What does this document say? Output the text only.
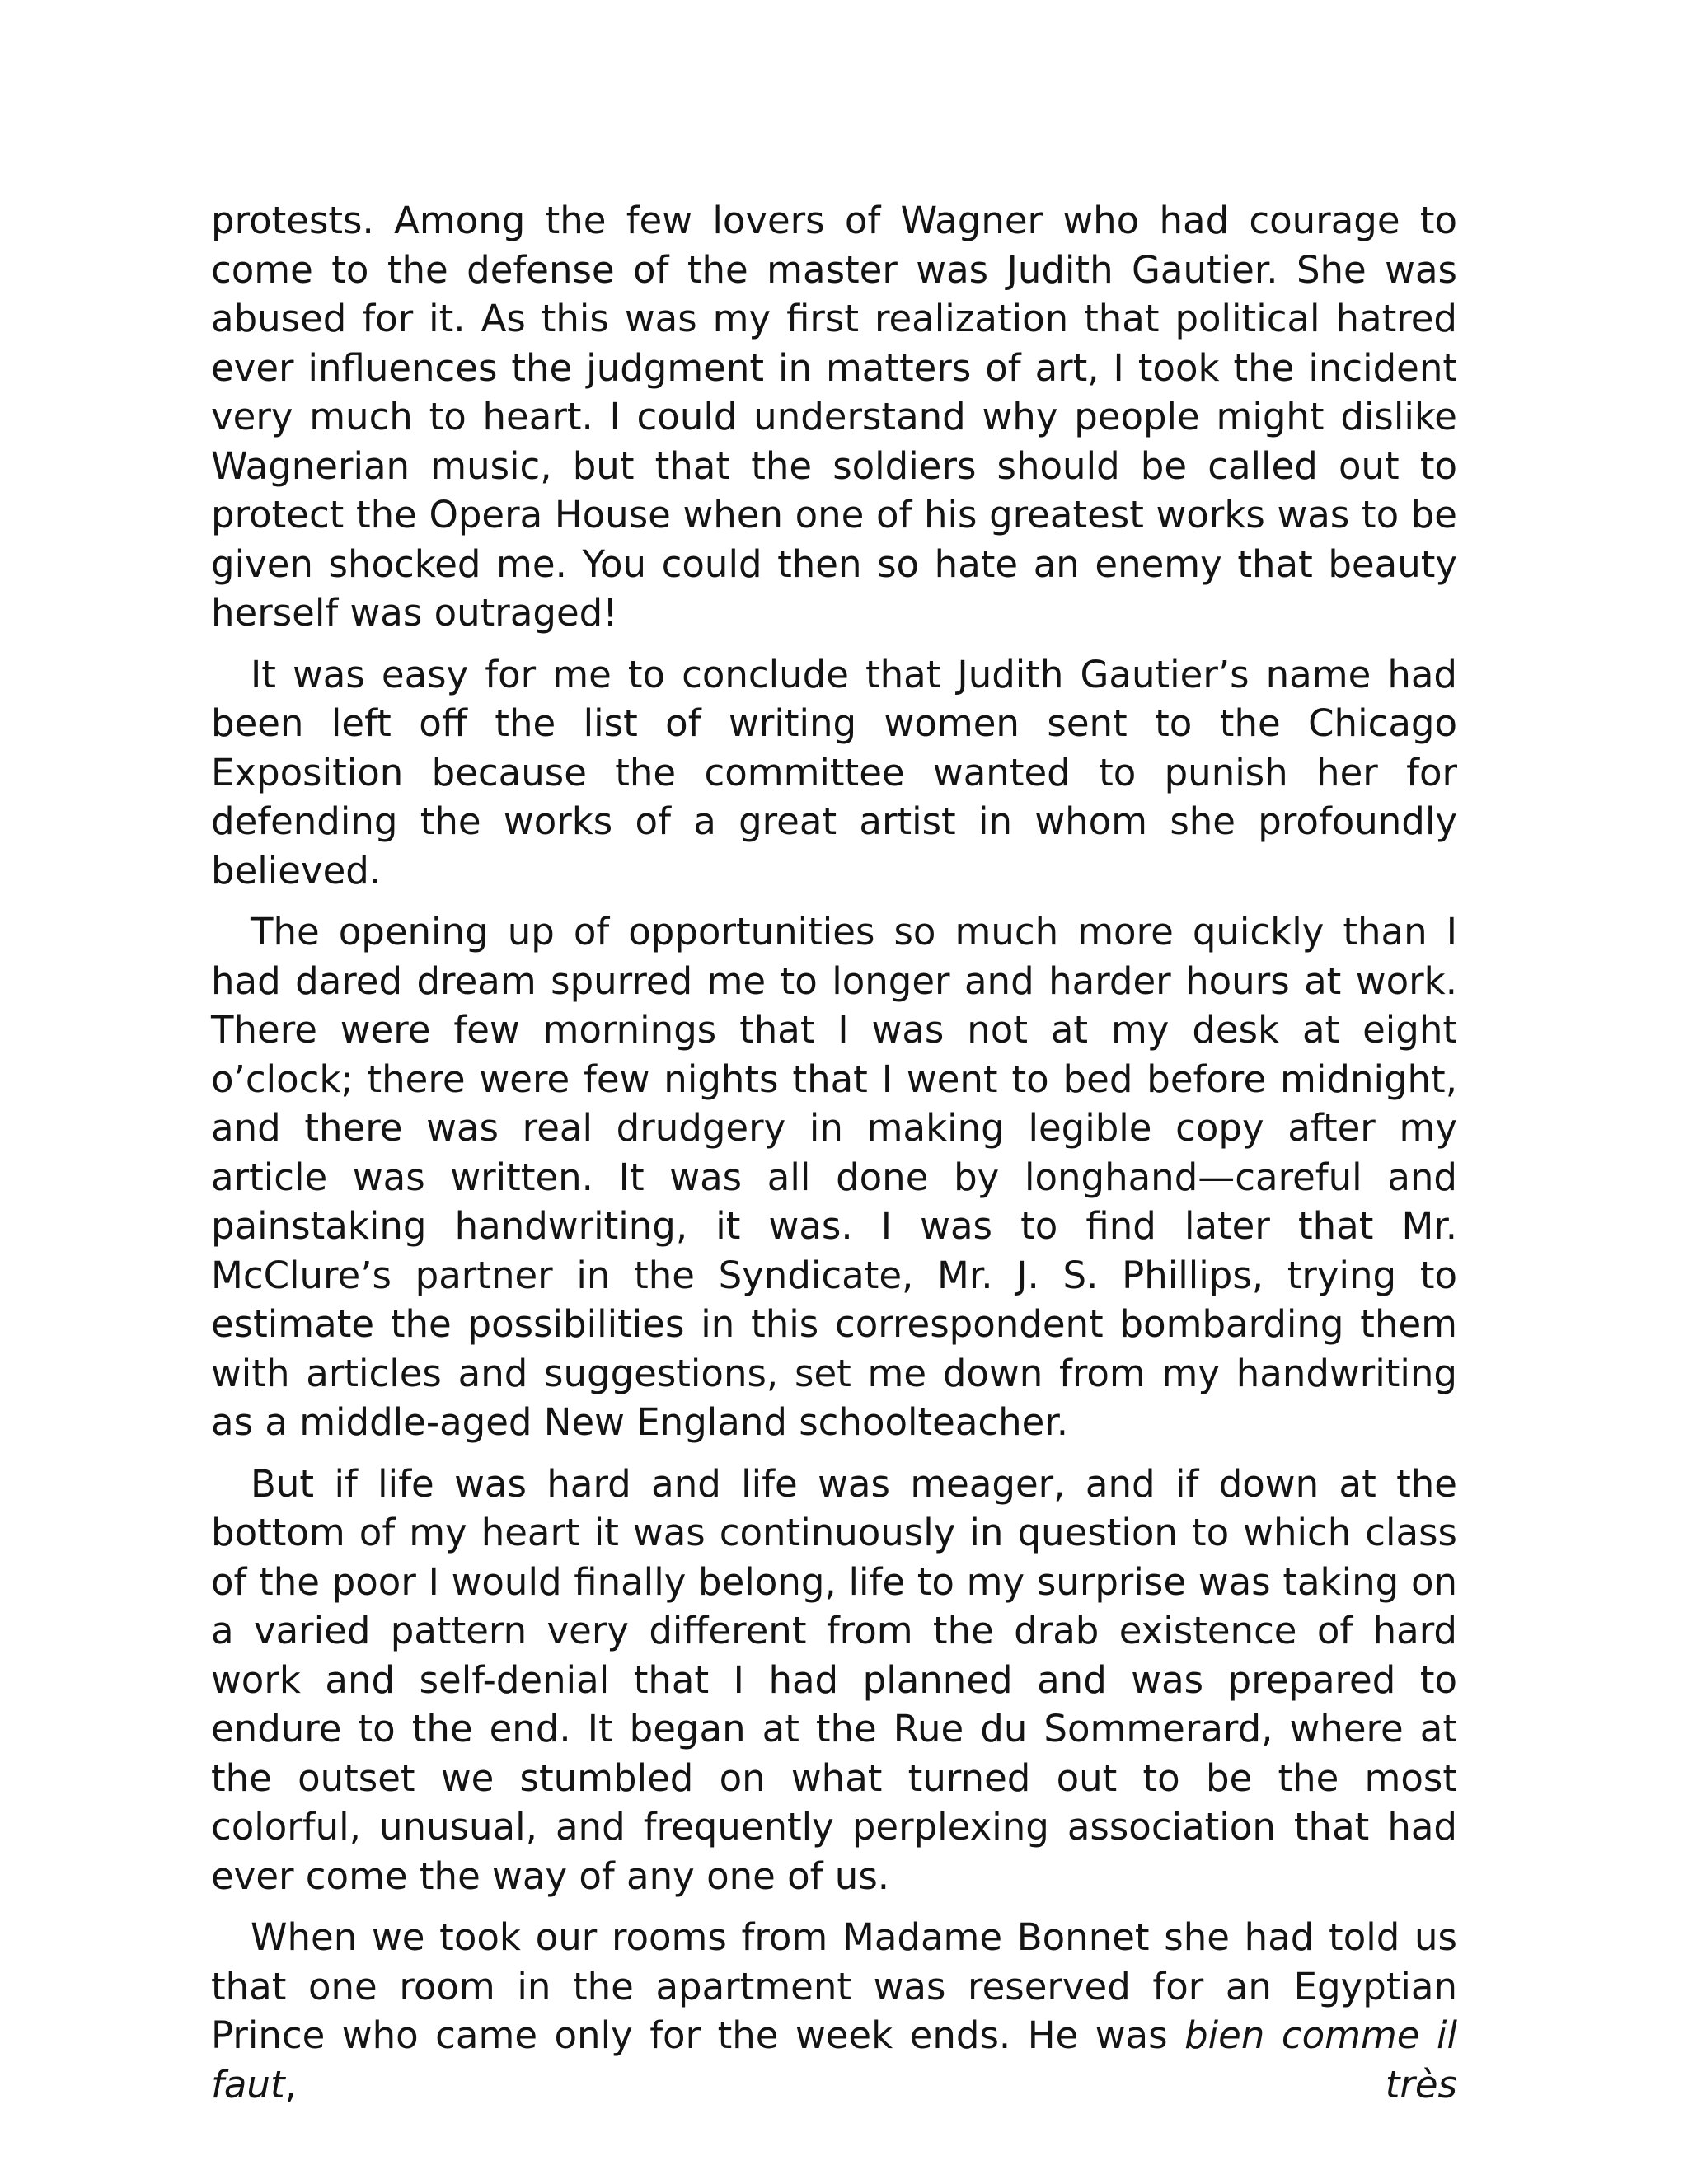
protests. Among the few lovers of Wagner who had courage to come to the defense of the master was Judith Gautier. She was abused for it. As this was my first realization that political hatred ever influences the judgment in matters of art, I took the incident very much to heart. I could understand why people might dislike Wagnerian music, but that the soldiers should be called out to protect the Opera House when one of his greatest works was to be given shocked me. You could then so hate an enemy that beauty herself was outraged!

It was easy for me to conclude that Judith Gautier’s name had been left off the list of writing women sent to the Chicago Exposition because the committee wanted to punish her for defending the works of a great artist in whom she profoundly believed.

The opening up of opportunities so much more quickly than I had dared dream spurred me to longer and harder hours at work. There were few mornings that I was not at my desk at eight o’clock; there were few nights that I went to bed before midnight, and there was real drudgery in making legible copy after my article was written. It was all done by longhand—careful and painstaking handwriting, it was. I was to find later that Mr. McClure’s partner in the Syndicate, Mr. J. S. Phillips, trying to estimate the possibilities in this correspondent bombarding them with articles and suggestions, set me down from my handwriting as a middle-aged New England schoolteacher.

But if life was hard and life was meager, and if down at the bottom of my heart it was continuously in question to which class of the poor I would finally belong, life to my surprise was taking on a varied pattern very different from the drab existence of hard work and self-denial that I had planned and was prepared to endure to the end. It began at the Rue du Sommerard, where at the outset we stumbled on what turned out to be the most colorful, unusual, and frequently perplexing association that had ever come the way of any one of us.

When we took our rooms from Madame Bonnet she had told us that one room in the apartment was reserved for an Egyptian Prince who came only for the week ends. He was bien comme il faut, très
